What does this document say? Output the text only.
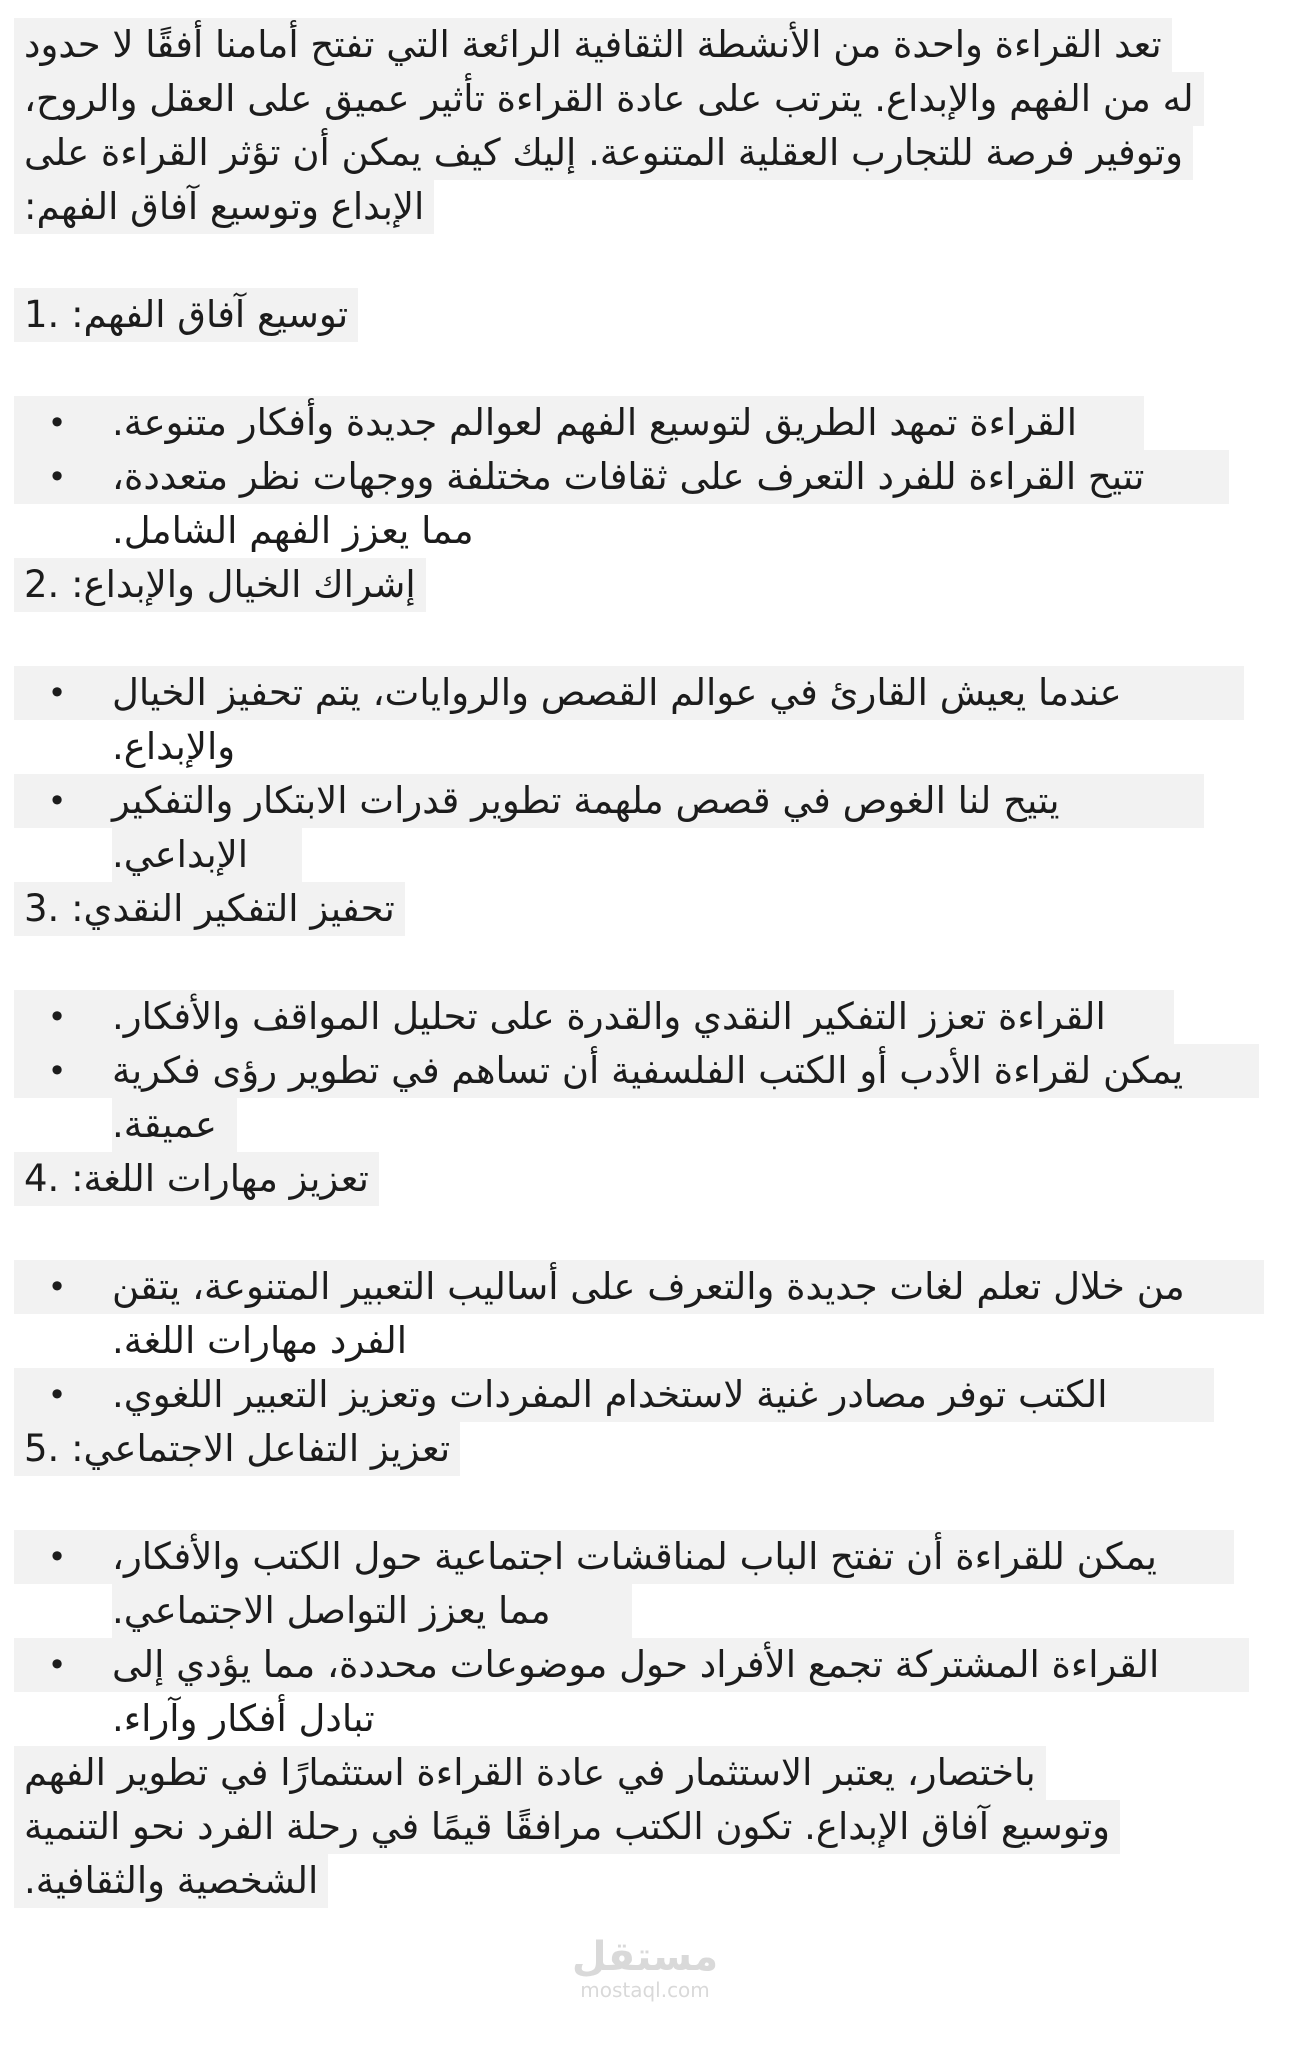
تعد القراءة واحدة من الأنشطة الثقافية الرائعة التي تفتح أمامنا أفقًا لا حدود
له من الفهم والإبداع. يترتب على عادة القراءة تأثير عميق على العقل والروح،
وتوفير فرصة للتجارب العقلية المتنوعة. إليك كيف يمكن أن تؤثر القراءة على
الإبداع وتوسيع آفاق الفهم:
1. توسيع آفاق الفهم:
• القراءة تمهد الطريق لتوسيع الفهم لعوالم جديدة وأفكار متنوعة.
• تتيح القراءة للفرد التعرف على ثقافات مختلفة ووجهات نظر متعددة،
مما يعزز الفهم الشامل.
2. إشراك الخيال والإبداع:
• عندما يعيش القارئ في عوالم القصص والروايات، يتم تحفيز الخيال
والإبداع.
• يتيح لنا الغوص في قصص ملهمة تطوير قدرات الابتكار والتفكير
الإبداعي.
3. تحفيز التفكير النقدي:
• القراءة تعزز التفكير النقدي والقدرة على تحليل المواقف والأفكار.
• يمكن لقراءة الأدب أو الكتب الفلسفية أن تساهم في تطوير رؤى فكرية
عميقة.
4. تعزيز مهارات اللغة:
• من خلال تعلم لغات جديدة والتعرف على أساليب التعبير المتنوعة، يتقن
الفرد مهارات اللغة.
• الكتب توفر مصادر غنية لاستخدام المفردات وتعزيز التعبير اللغوي.
5. تعزيز التفاعل الاجتماعي:
• يمكن للقراءة أن تفتح الباب لمناقشات اجتماعية حول الكتب والأفكار،
مما يعزز التواصل الاجتماعي.
• القراءة المشتركة تجمع الأفراد حول موضوعات محددة، مما يؤدي إلى
تبادل أفكار وآراء.
باختصار، يعتبر الاستثمار في عادة القراءة استثمارًا في تطوير الفهم
وتوسيع آفاق الإبداع. تكون الكتب مرافقًا قيمًا في رحلة الفرد نحو التنمية
الشخصية والثقافية.
مستقل
mostaql.com
